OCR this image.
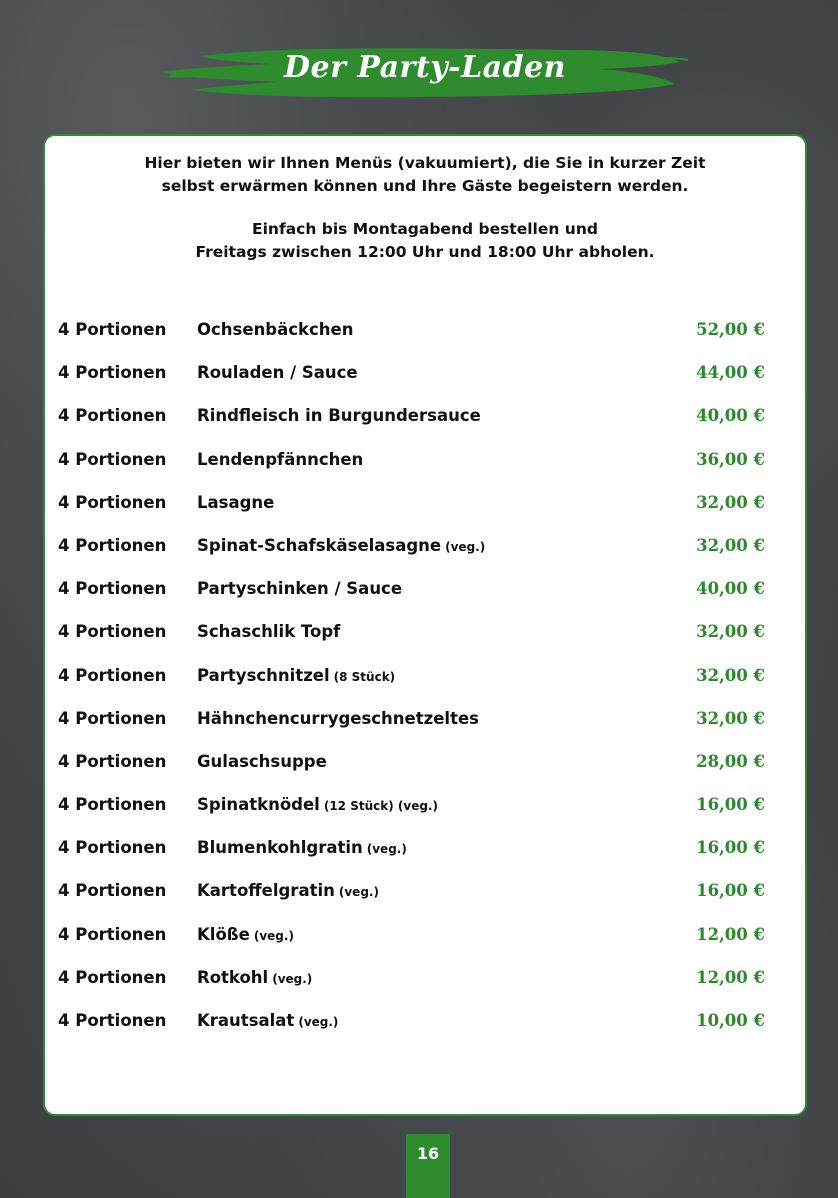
Der Party-Laden
Hier bieten wir Ihnen Menüs (vakuumiert), die Sie in kurzer Zeit
selbst erwärmen können und Ihre Gäste begeistern werden.
Einfach bis Montagabend bestellen und
Freitags zwischen 12:00 Uhr und 18:00 Uhr abholen.
4 Portionen Ochsenbäckchen	52,00 €
4 Portionen Rouladen / Sauce	44,00 €
4 Portionen Rindfleisch in Burgundersauce	40,00 €
4 Portionen Lendenpfännchen	36,00 €
4 Portionen Lasagne	32,00 €
4 Portionen Spinat-Schafskäselasagne (veg.)	32,00 €
4 Portionen Partyschinken / Sauce	40,00 €
4 Portionen Schaschlik Topf	32,00 €
4 Portionen Partyschnitzel (8 Stück)	32,00 €
4 Portionen Hähnchencurrygeschnetzeltes	32,00 €
4 Portionen Gulaschsuppe	28,00 €
4 Portionen Spinatknödel (12 Stück) (veg.)	16,00 €
4 Portionen Blumenkohlgratin (veg.)	16,00 €
4 Portionen Kartoffelgratin (veg.)	16,00 €
4 Portionen Klöße (veg.)	12,00 €
4 Portionen Rotkohl (veg.)	12,00 €
4 Portionen Krautsalat (veg.)	10,00 €
16
